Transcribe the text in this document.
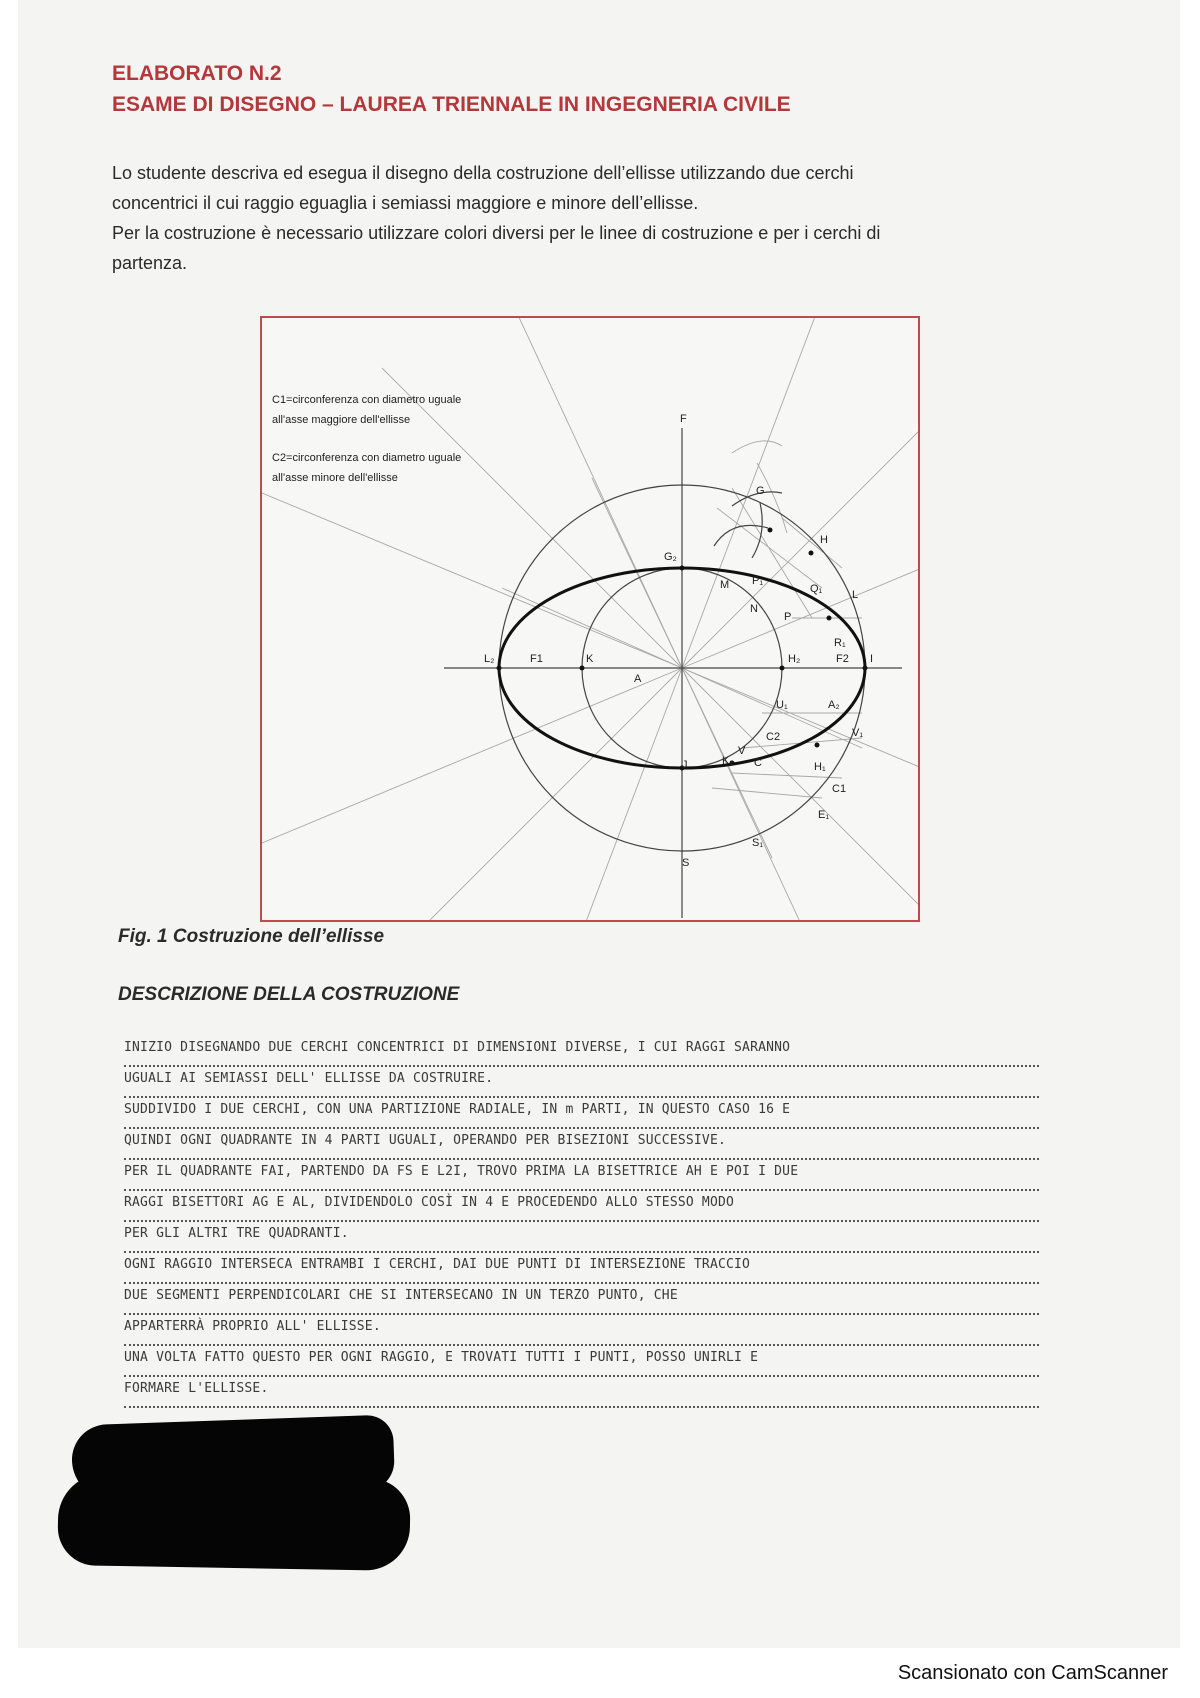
ELABORATO N.2
ESAME DI DISEGNO – LAUREA TRIENNALE IN INGEGNERIA CIVILE

Lo studente descriva ed esegua il disegno della costruzione dell’ellisse utilizzando due cerchi

concentrici il cui raggio eguaglia i semiassi maggiore e minore dell’ellisse.

Per la costruzione è necessario utilizzare colori diversi per le linee di costruzione e per i cerchi di

partenza.

F
G
H
G₂
M P₁
Q₁	L
N
P
R₁
L₂	F1	K
A
H₂	F2 I
U₁	A₂
C2	V₁
J	K₁
V
C	H₁
C1
E₁
S₁
S

C1=circonferenza con diametro uguale

all'asse maggiore dell'ellisse

C2=circonferenza con diametro uguale

all'asse minore dell'ellisse

Fig. 1 Costruzione dell’ellisse
DESCRIZIONE DELLA COSTRUZIONE
INIZIO DISEGNANDO DUE CERCHI CONCENTRICI DI DIMENSIONI DIVERSE, I CUI RAGGI SARANNO
UGUALI AI SEMIASSI DELL' ELLISSE DA COSTRUIRE.
SUDDIVIDO I DUE CERCHI, CON UNA PARTIZIONE RADIALE, IN m PARTI, IN QUESTO CASO 16 E
QUINDI OGNI QUADRANTE IN 4 PARTI UGUALI, OPERANDO PER BISEZIONI SUCCESSIVE.
PER IL QUADRANTE FAI, PARTENDO DA FS E L2I, TROVO PRIMA LA BISETTRICE AH E POI I DUE
RAGGI BISETTORI AG E AL, DIVIDENDOLO COSÌ IN 4 E PROCEDENDO ALLO STESSO MODO
PER GLI ALTRI TRE QUADRANTI.
OGNI RAGGIO INTERSECA ENTRAMBI I CERCHI, DAI DUE PUNTI DI INTERSEZIONE TRACCIO
DUE SEGMENTI PERPENDICOLARI CHE SI INTERSECANO IN UN TERZO PUNTO, CHE
APPARTERRÀ PROPRIO ALL' ELLISSE.
UNA VOLTA FATTO QUESTO PER OGNI RAGGIO, E TROVATI TUTTI I PUNTI, POSSO UNIRLI E
FORMARE L'ELLISSE.
Scansionato con CamScanner
